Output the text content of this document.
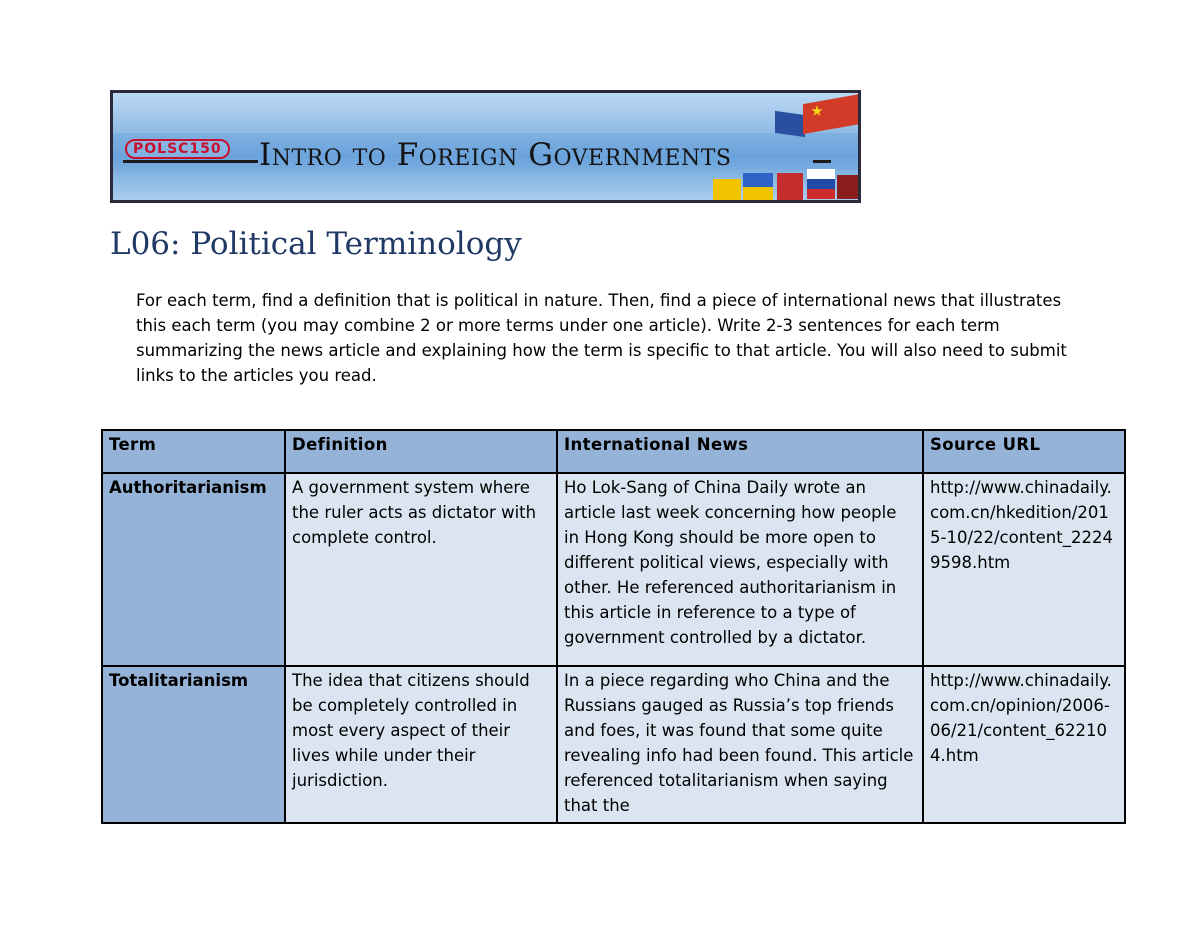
POLSC150 Intro to Foreign Governments
L06: Political Terminology

For each term, find a definition that is political in nature. Then, find a piece of international news that illustrates this each term (you may combine 2 or more terms under one article). Write 2-3 sentences for each term summarizing the news article and explaining how the term is specific to that article. You will also need to submit links to the articles you read.

Term	Definition	International News	Source URL
Authoritarianism	A government system where the ruler acts as dictator with complete control.	Ho Lok-Sang of China Daily wrote an article last week concerning how people in Hong Kong should be more open to different political views, especially with other. He referenced authoritarianism in this article in reference to a type of government controlled by a dictator.	http://www.chinadaily.com.cn/hkedition/2015-10/22/content_22249598.htm
Totalitarianism	The idea that citizens should be completely controlled in most every aspect of their lives while under their jurisdiction.	In a piece regarding who China and the Russians gauged as Russia’s top friends and foes, it was found that some quite revealing info had been found. This article referenced totalitarianism when saying that the	http://www.chinadaily.com.cn/opinion/2006-06/21/content_622104.htm
